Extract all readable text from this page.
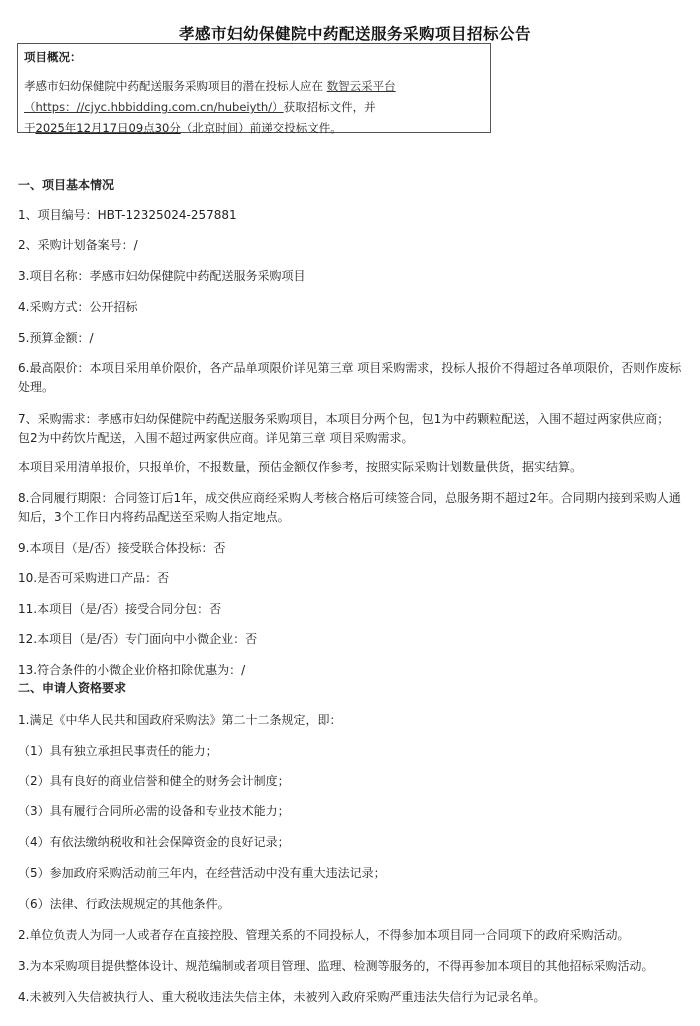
孝感市妇幼保健院中药配送服务采购项目招标公告
项目概况：
孝感市妇幼保健院中药配送服务采购项目的潜在投标人应在 数智云采平台
（https：//cjyc.hbbidding.com.cn/hubeiyth/）获取招标文件，并
于2025年12月17日09点30分（北京时间）前递交投标文件。
一、项目基本情况
1、项目编号：HBT-12325024-257881
2、采购计划备案号：/
3.项目名称：孝感市妇幼保健院中药配送服务采购项目
4.采购方式：公开招标
5.预算金额：/
6.最高限价：本项目采用单价限价，各产品单项限价详见第三章 项目采购需求，投标人报价不得超过各单项限价，否则作废标
处理。
7、采购需求：孝感市妇幼保健院中药配送服务采购项目，本项目分两个包，包1为中药颗粒配送，入围不超过两家供应商；
包2为中药饮片配送，入围不超过两家供应商。详见第三章 项目采购需求。
本项目采用清单报价，只报单价，不报数量，预估金额仅作参考，按照实际采购计划数量供货，据实结算。
8.合同履行期限：合同签订后1年，成交供应商经采购人考核合格后可续签合同，总服务期不超过2年。合同期内接到采购人通
知后，3个工作日内将药品配送至采购人指定地点。
9.本项目（是/否）接受联合体投标：否
10.是否可采购进口产品：否
11.本项目（是/否）接受合同分包：否
12.本项目（是/否）专门面向中小微企业：否
13.符合条件的小微企业价格扣除优惠为：/
二、申请人资格要求
1.满足《中华人民共和国政府采购法》第二十二条规定，即：
（1）具有独立承担民事责任的能力；
（2）具有良好的商业信誉和健全的财务会计制度；
（3）具有履行合同所必需的设备和专业技术能力；
（4）有依法缴纳税收和社会保障资金的良好记录；
（5）参加政府采购活动前三年内，在经营活动中没有重大违法记录；
（6）法律、行政法规规定的其他条件。
2.单位负责人为同一人或者存在直接控股、管理关系的不同投标人，不得参加本项目同一合同项下的政府采购活动。
3.为本采购项目提供整体设计、规范编制或者项目管理、监理、检测等服务的，不得再参加本项目的其他招标采购活动。
4.未被列入失信被执行人、重大税收违法失信主体，未被列入政府采购严重违法失信行为记录名单。
